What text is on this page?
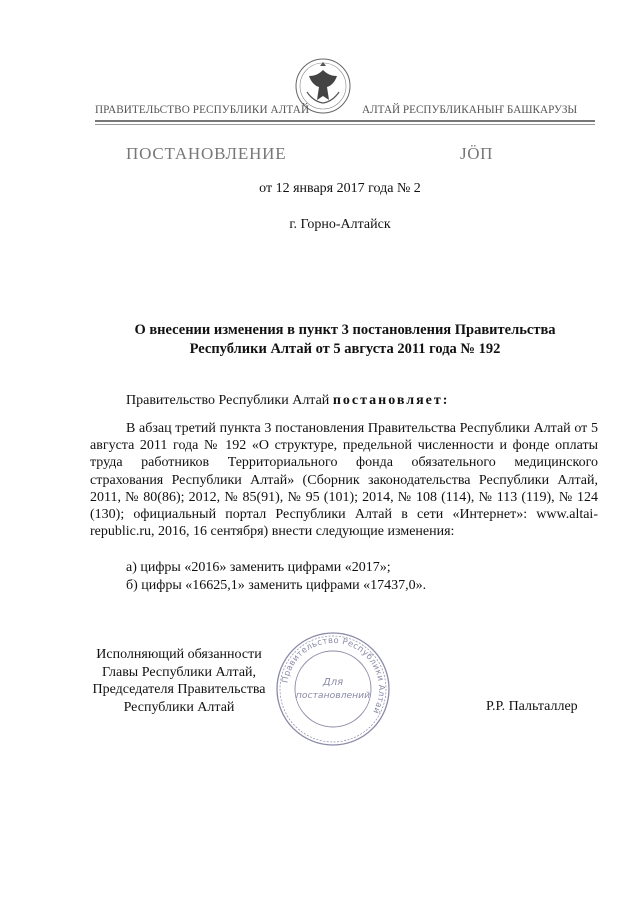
ПРАВИТЕЛЬСТВО РЕСПУБЛИКИ АЛТАЙ	АЛТАЙ РЕСПУБЛИКАНЫҤ БАШКАРУЗЫ
ПОСТАНОВЛЕНИЕ	JӦП
от 12 января 2017 года № 2
г. Горно-Алтайск
О внесении изменения в пункт 3 постановления Правительства
Республики Алтай от 5 августа 2011 года № 192
Правительство Республики Алтай постановляет:
В абзац третий пункта 3 постановления Правительства Республики Алтай от 5 августа 2011 года № 192 «О структуре, предельной численности и фонде оплаты труда работников Территориального фонда обязательного медицинского страхования Республики Алтай» (Сборник законодательства Республики Алтай, 2011, № 80(86); 2012, № 85(91), № 95 (101); 2014, № 108 (114), № 113 (119), № 124 (130); официальный портал Республики Алтай в сети «Интернет»: www.altai-republic.ru, 2016, 16 сентября) внести следующие изменения:
а) цифры «2016» заменить цифрами «2017»;
б) цифры «16625,1» заменить цифрами «17437,0».
Правительство Республики Алтай
Для
постановлений
Исполняющий обязанности
Главы Республики Алтай,
Председателя Правительства
Республики Алтай	Р.Р. Пальталлер
